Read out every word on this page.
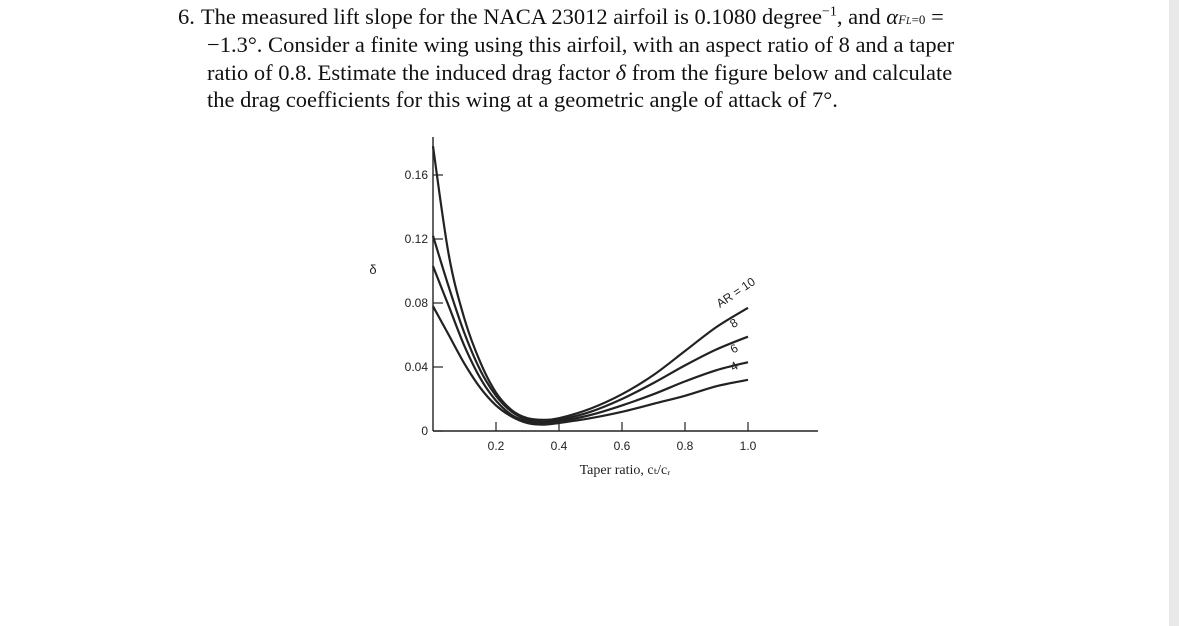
6. The measured lift slope for the NACA 23012 airfoil is 0.1080 degree$^{-1}$, and αFL=0 =
−1.3°. Consider a finite wing using this airfoil, with an aspect ratio of 8 and a taper
ratio of 0.8. Estimate the induced drag factor δ from the figure below and calculate
the drag coefficients for this wing at a geometric angle of attack of 7°.
0
0.04
0.08
0.12
0.16
0.2	0.4	0.6	0.8	1.0
δ
Taper ratio, cₜ/cᵣ
AR = 10
8
6
4
